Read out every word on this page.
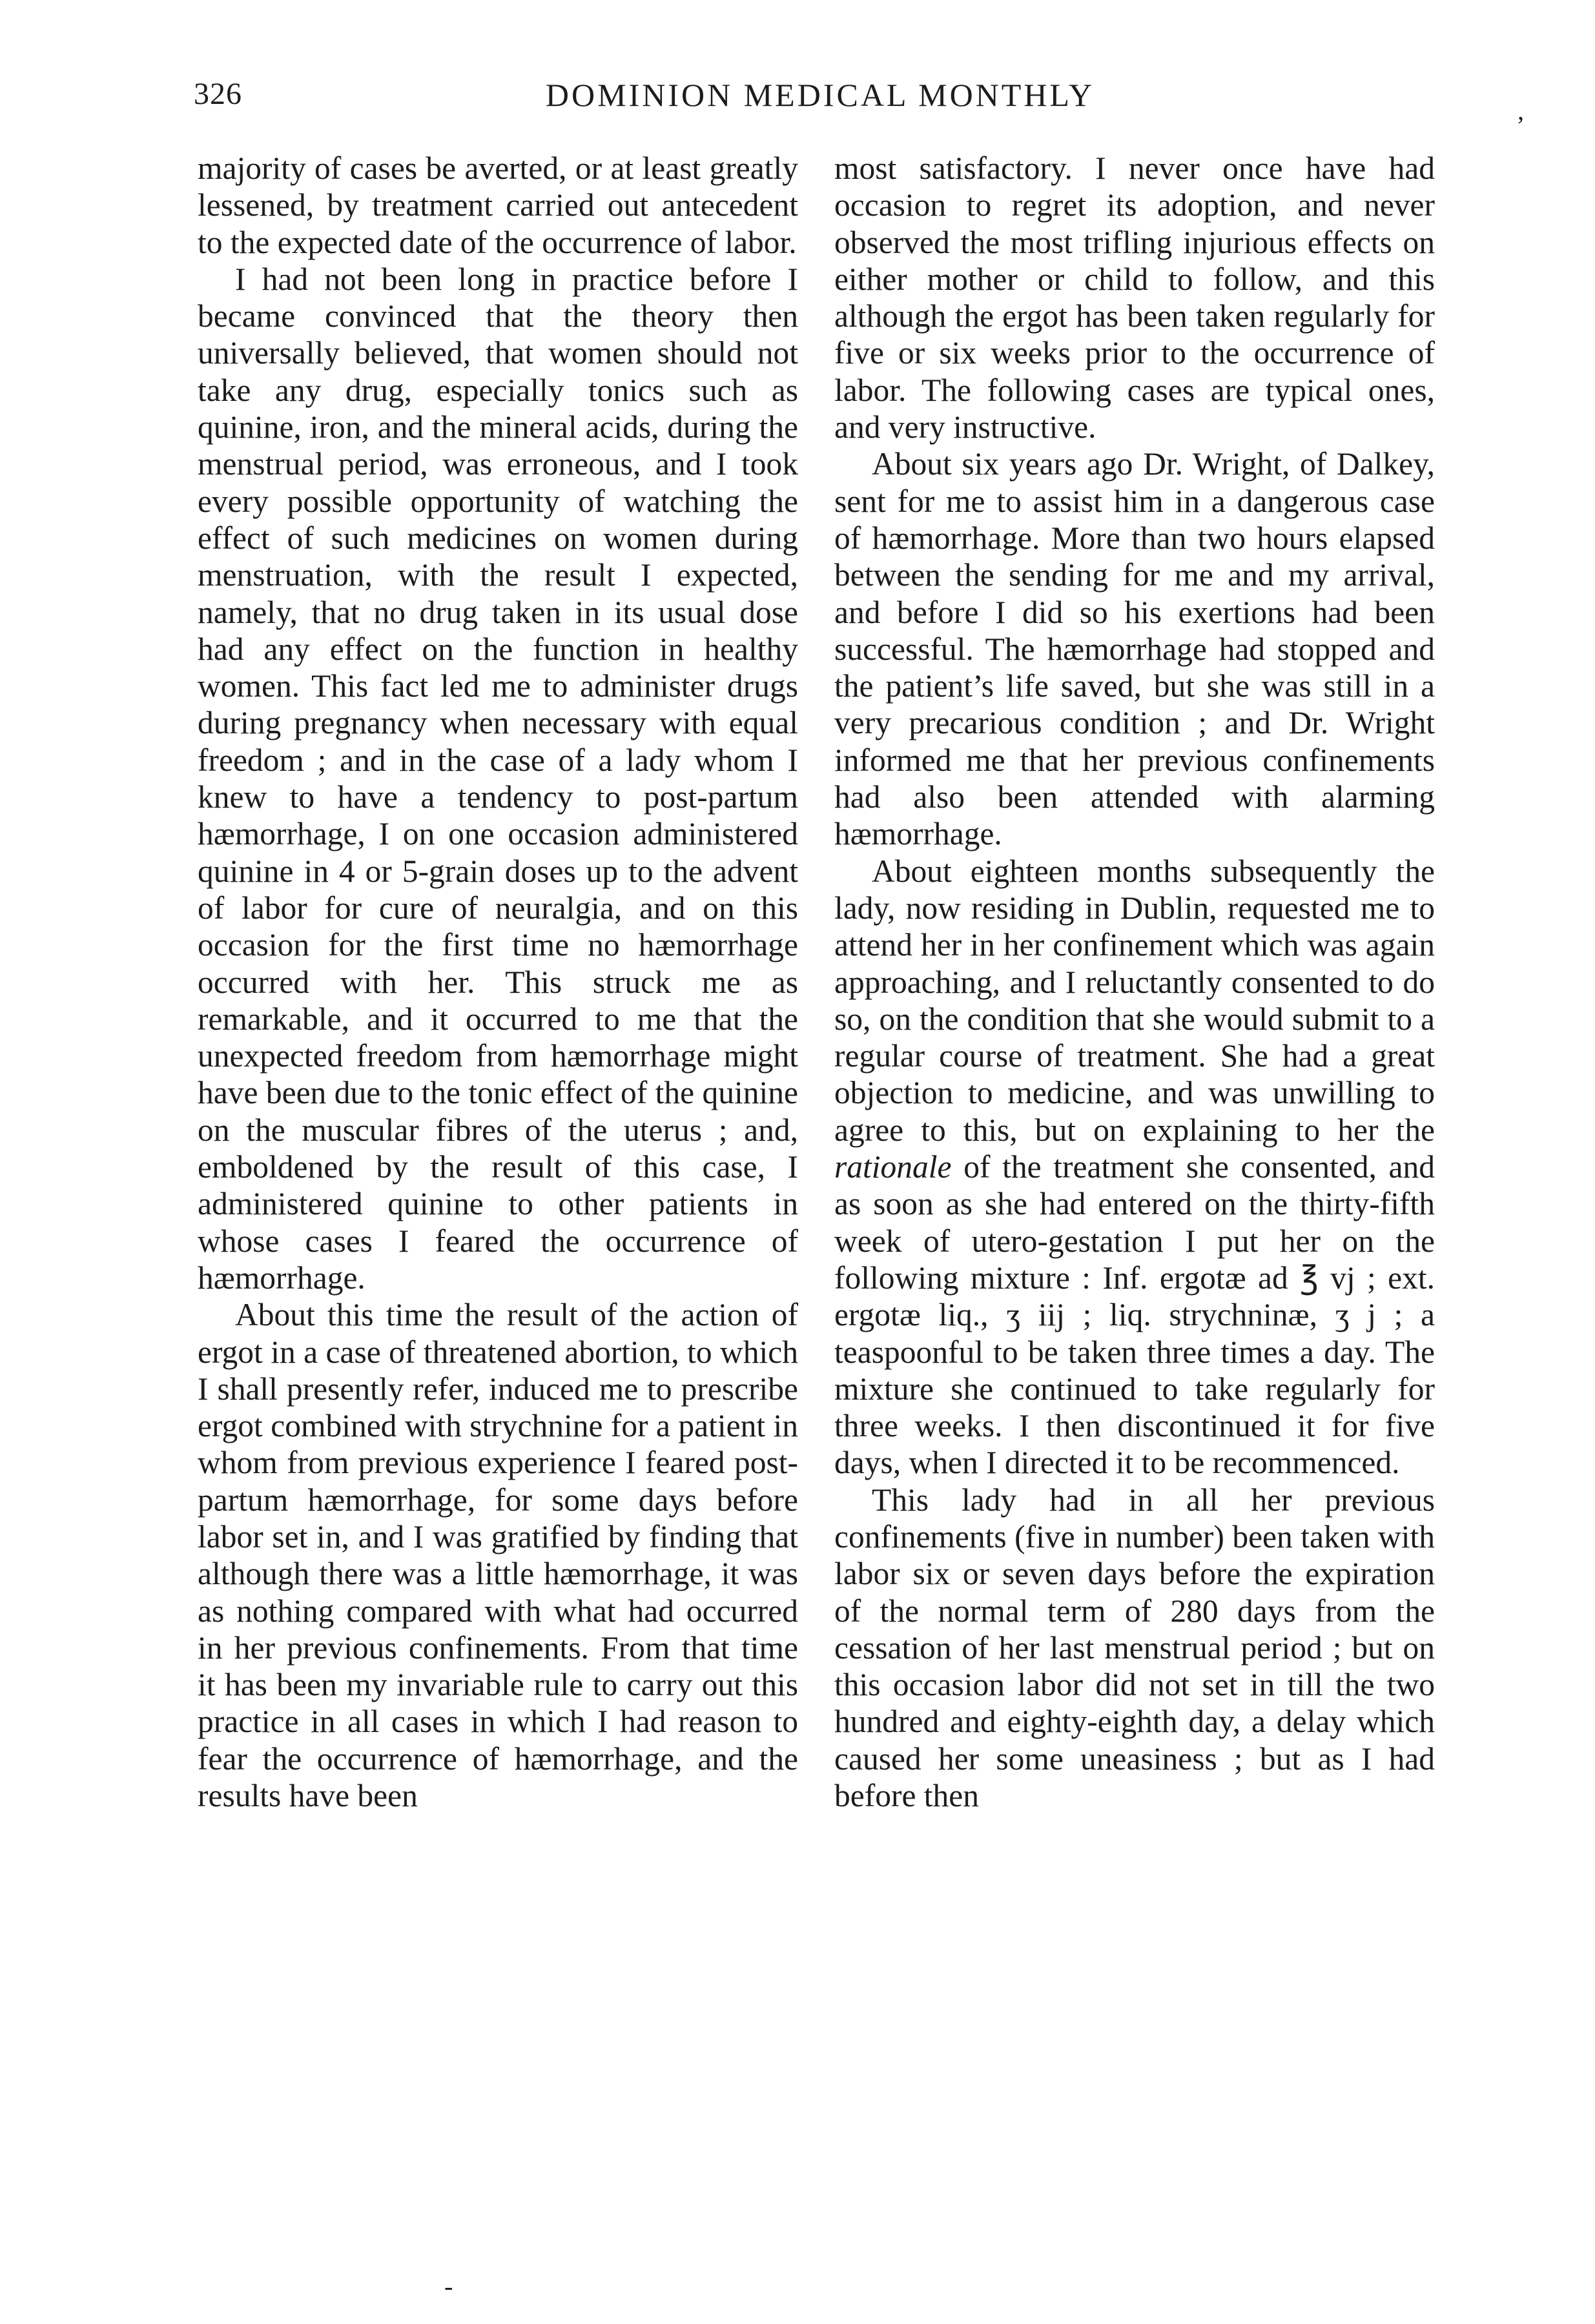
326	DOMINION MEDICAL MONTHLY	,

majority of cases be averted, or at least greatly lessened, by treatment carried out antecedent to the expected date of the occurrence of labor.

I had not been long in practice before I became convinced that the theory then universally believed, that women should not take any drug, especially tonics such as quinine, iron, and the mineral acids, during the menstrual period, was erroneous, and I took every possible opportunity of watching the effect of such medicines on women during menstruation, with the result I expected, namely, that no drug taken in its usual dose had any effect on the function in healthy women. This fact led me to administer drugs during pregnancy when necessary with equal freedom ; and in the case of a lady whom I knew to have a tendency to post-partum hæmorrhage, I on one occasion administered quinine in 4 or 5-grain doses up to the advent of labor for cure of neuralgia, and on this occasion for the first time no hæmorrhage occurred with her. This struck me as remarkable, and it occurred to me that the unexpected freedom from hæmorrhage might have been due to the tonic effect of the quinine on the muscular fibres of the uterus ; and, emboldened by the result of this case, I administered quinine to other patients in whose cases I feared the occurrence of hæmorrhage.

About this time the result of the action of ergot in a case of threatened abortion, to which I shall presently refer, induced me to prescribe ergot combined with strychnine for a patient in whom from previous experience I feared post-partum hæmorrhage, for some days before labor set in, and I was gratified by finding that although there was a little hæmorrhage, it was as nothing compared with what had occurred in her previous confinements. From that time it has been my invariable rule to carry out this practice in all cases in which I had reason to fear the occurrence of hæmorrhage, and the results have been

most satisfactory. I never once have had occasion to regret its adoption, and never observed the most trifling injurious effects on either mother or child to follow, and this although the ergot has been taken regularly for five or six weeks prior to the occurrence of labor. The following cases are typical ones, and very instructive.

About six years ago Dr. Wright, of Dalkey, sent for me to assist him in a dangerous case of hæmorrhage. More than two hours elapsed between the sending for me and my arrival, and before I did so his exertions had been successful. The hæmorrhage had stopped and the patient’s life saved, but she was still in a very precarious condition ; and Dr. Wright informed me that her previous confinements had also been attended with alarming hæmorrhage.

About eighteen months subsequently the lady, now residing in Dublin, requested me to attend her in her confinement which was again approaching, and I reluctantly consented to do so, on the condition that she would submit to a regular course of treatment. She had a great objection to medicine, and was unwilling to agree to this, but on explaining to her the rationale of the treatment she consented, and as soon as she had entered on the thirty-fifth week of utero-gestation I put her on the following mixture : Inf. ergotæ ad ℥ vj ; ext. ergotæ liq., ʒ iij ; liq. strychninæ, ʒ j ; a teaspoonful to be taken three times a day. The mixture she continued to take regularly for three weeks. I then discontinued it for five days, when I directed it to be recommenced.

This lady had in all her previous confinements (five in number) been taken with labor six or seven days before the expiration of the normal term of 280 days from the cessation of her last menstrual period ; but on this occasion labor did not set in till the two hundred and eighty-eighth day, a delay which caused her some uneasiness ; but as I had before then

-
